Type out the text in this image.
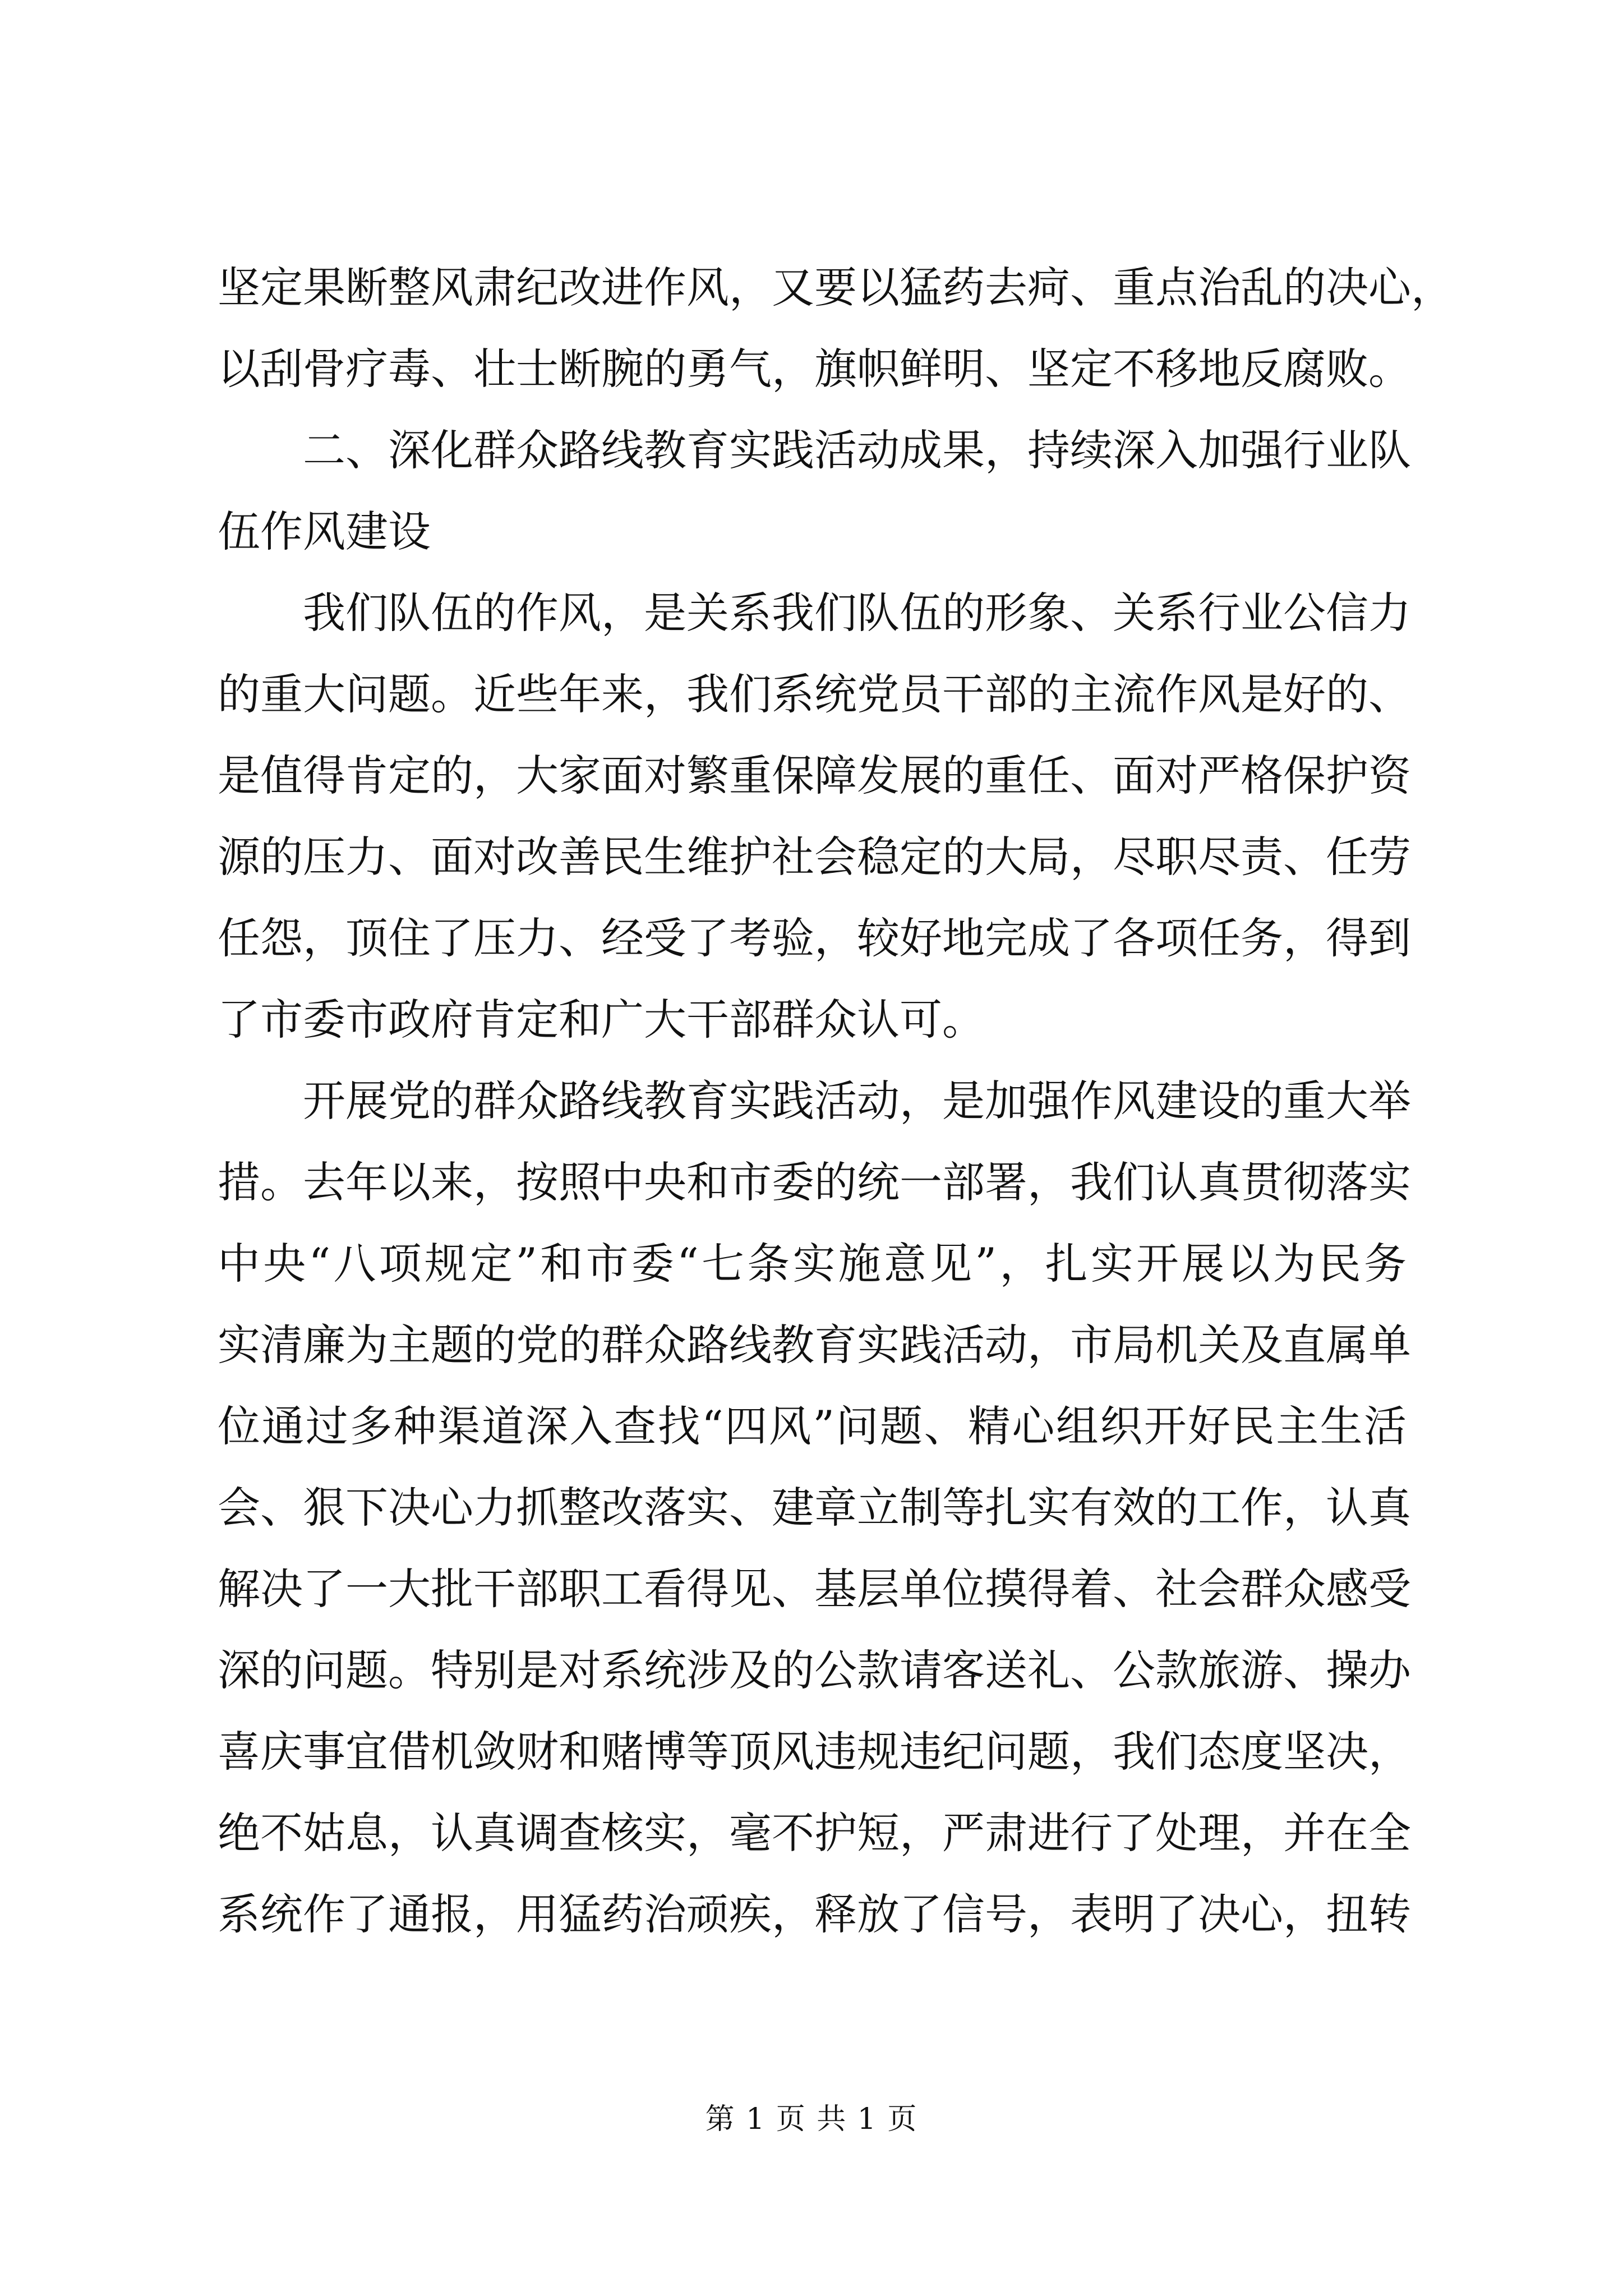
坚定果断整风肃纪改进作风，又要以猛药去疴、重点治乱的决心，
以刮骨疗毒、壮士断腕的勇气，旗帜鲜明、坚定不移地反腐败。
二、深化群众路线教育实践活动成果，持续深入加强行业队
伍作风建设
我们队伍的作风，是关系我们队伍的形象、关系行业公信力
的重大问题。近些年来，我们系统党员干部的主流作风是好的、
是值得肯定的，大家面对繁重保障发展的重任、面对严格保护资
源的压力、面对改善民生维护社会稳定的大局，尽职尽责、任劳
任怨，顶住了压力、经受了考验，较好地完成了各项任务，得到
了市委市政府肯定和广大干部群众认可。
开展党的群众路线教育实践活动，是加强作风建设的重大举
措。去年以来，按照中央和市委的统一部署，我们认真贯彻落实
中央“八项规定”和市委“七条实施意见”，扎实开展以为民务
实清廉为主题的党的群众路线教育实践活动，市局机关及直属单
位通过多种渠道深入查找“四风”问题、精心组织开好民主生活
会、狠下决心力抓整改落实、建章立制等扎实有效的工作，认真
解决了一大批干部职工看得见、基层单位摸得着、社会群众感受
深的问题。特别是对系统涉及的公款请客送礼、公款旅游、操办
喜庆事宜借机敛财和赌博等顶风违规违纪问题，我们态度坚决，
绝不姑息，认真调查核实，毫不护短，严肃进行了处理，并在全
系统作了通报，用猛药治顽疾，释放了信号，表明了决心，扭转
第 1 页 共 1 页
